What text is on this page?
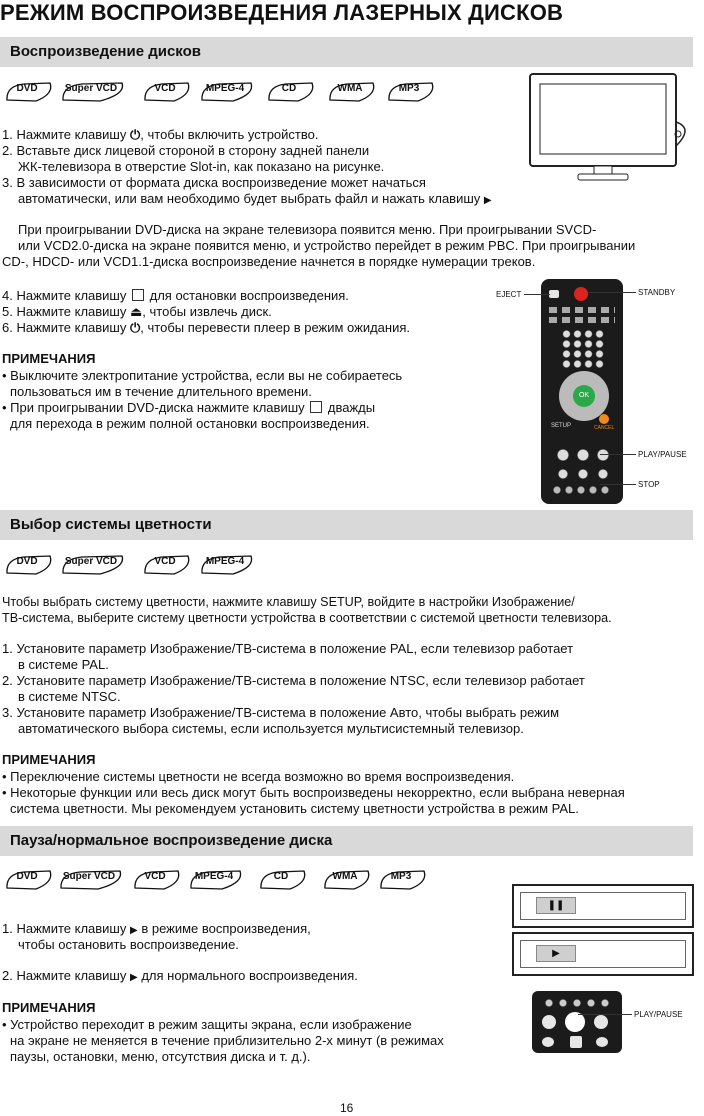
РЕЖИМ ВОСПРОИЗВЕДЕНИЯ ЛАЗЕРНЫХ ДИСКОВ
Воспроизведение дисков
DVD	Super VCD	VCD	MPEG-4	CD	WMA	MP3
1. Нажмите клавишу ⏻, чтобы включить устройство.
2. Вставьте диск лицевой стороной в сторону задней панели
ЖК-телевизора в отверстие Slot-in, как показано на рисунке.
3. В зависимости от формата диска воспроизведение может начаться
автоматически, или вам необходимо будет выбрать файл и нажать клавишу ▶
При проигрывании DVD-диска на экране телевизора появится меню. При проигрывании SVCD-
или VCD2.0-диска на экране появится меню, и устройство перейдет в режим PBC. При проигрывании
CD-, HDCD- или VCD1.1-диска воспроизведение начнется в порядке нумерации треков.
4. Нажмите клавишу для остановки воспроизведения.
5. Нажмите клавишу ⏏, чтобы извлечь диск.
6. Нажмите клавишу ⏻, чтобы перевести плеер в режим ожидания.
ПРИМЕЧАНИЯ
• Выключите электропитание устройства, если вы не собираетесь
пользоваться им в течение длительного времени.
• При проигрывании DVD-диска нажмите клавишу дважды
для перехода в режим полной остановки воспроизведения.
OK
SETUP	CANCEL
EJECT	STANDBY
PLAY/PAUSE
STOP
Выбор системы цветности
DVD	Super VCD	VCD	MPEG-4
Чтобы выбрать систему цветности, нажмите клавишу SETUP, войдите в настройки Изображение/
ТВ-система, выберите систему цветности устройства в соответствии с системой цветности телевизора.
1. Установите параметр Изображение/ТВ-система в положение PAL, если телевизор работает
в системе PAL.
2. Установите параметр Изображение/ТВ-система в положение NTSC, если телевизор работает
в системе NTSC.
3. Установите параметр Изображение/ТВ-система в положение Авто, чтобы выбрать режим
автоматического выбора системы, если используется мультисистемный телевизор.
ПРИМЕЧАНИЯ
• Переключение системы цветности не всегда возможно во время воспроизведения.
• Некоторые функции или весь диск могут быть воспроизведены некорректно, если выбрана неверная
система цветности. Мы рекомендуем установить систему цветности устройства в режим PAL.
Пауза/нормальное воспроизведение диска
DVD	Super VCD	VCD	MPEG-4	CD	WMA	MP3
1. Нажмите клавишу ▶ в режиме воспроизведения,
чтобы остановить воспроизведение.
2. Нажмите клавишу ▶ для нормального воспроизведения.
ПРИМЕЧАНИЯ
• Устройство переходит в режим защиты экрана, если изображение
на экране не меняется в течение приблизительно 2-х минут (в режимах
паузы, остановки, меню, отсутствия диска и т. д.).
❚❚
▶
PLAY/PAUSE
16
